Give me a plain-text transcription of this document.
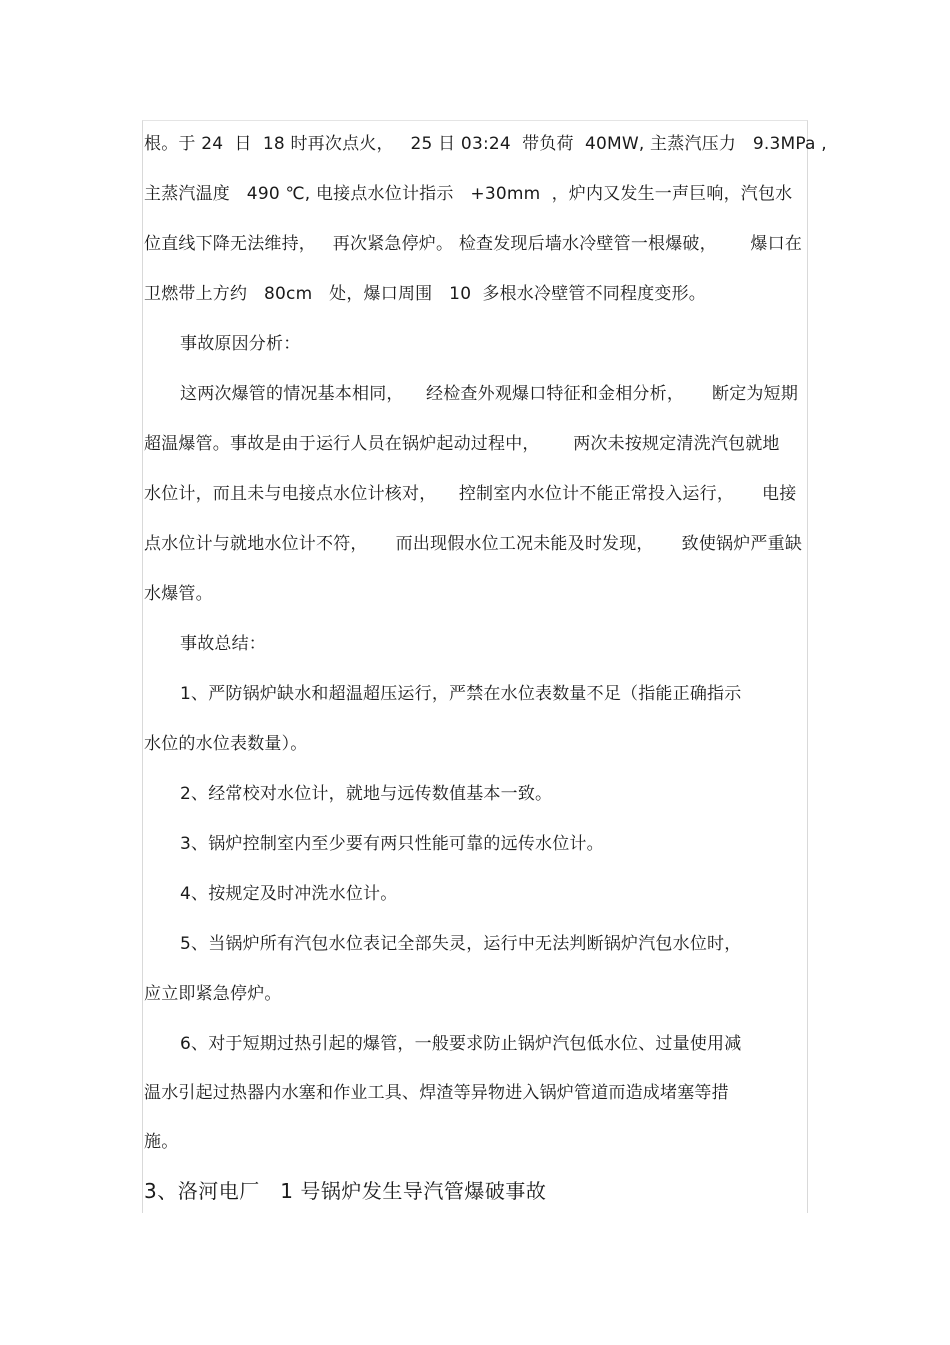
根。于 24  日  18 时再次点火，   25 日 03:24  带负荷  40MW, 主蒸汽压力   9.3MPa ,
主蒸汽温度   490 ℃, 电接点水位计指示   +30mm  ，炉内又发生一声巨响，汽包水
位直线下降无法维持，   再次紧急停炉。 检查发现后墙水冷壁管一根爆破，      爆口在
卫燃带上方约   80cm   处，爆口周围   10  多根水冷壁管不同程度变形。
事故原因分析：
这两次爆管的情况基本相同，    经检查外观爆口特征和金相分析，     断定为短期
超温爆管。事故是由于运行人员在锅炉起动过程中，      两次未按规定清洗汽包就地
水位计，而且未与电接点水位计核对，    控制室内水位计不能正常投入运行，     电接
点水位计与就地水位计不符，     而出现假水位工况未能及时发现，     致使锅炉严重缺
水爆管。
事故总结：
1、严防锅炉缺水和超温超压运行，严禁在水位表数量不足（指能正确指示
水位的水位表数量）。
2、经常校对水位计，就地与远传数值基本一致。
3、锅炉控制室内至少要有两只性能可靠的远传水位计。
4、按规定及时冲洗水位计。
5、当锅炉所有汽包水位表记全部失灵，运行中无法判断锅炉汽包水位时，
应立即紧急停炉。
6、对于短期过热引起的爆管，一般要求防止锅炉汽包低水位、过量使用减
温水引起过热器内水塞和作业工具、焊渣等异物进入锅炉管道而造成堵塞等措
施。
3、洛河电厂   1 号锅炉发生导汽管爆破事故
